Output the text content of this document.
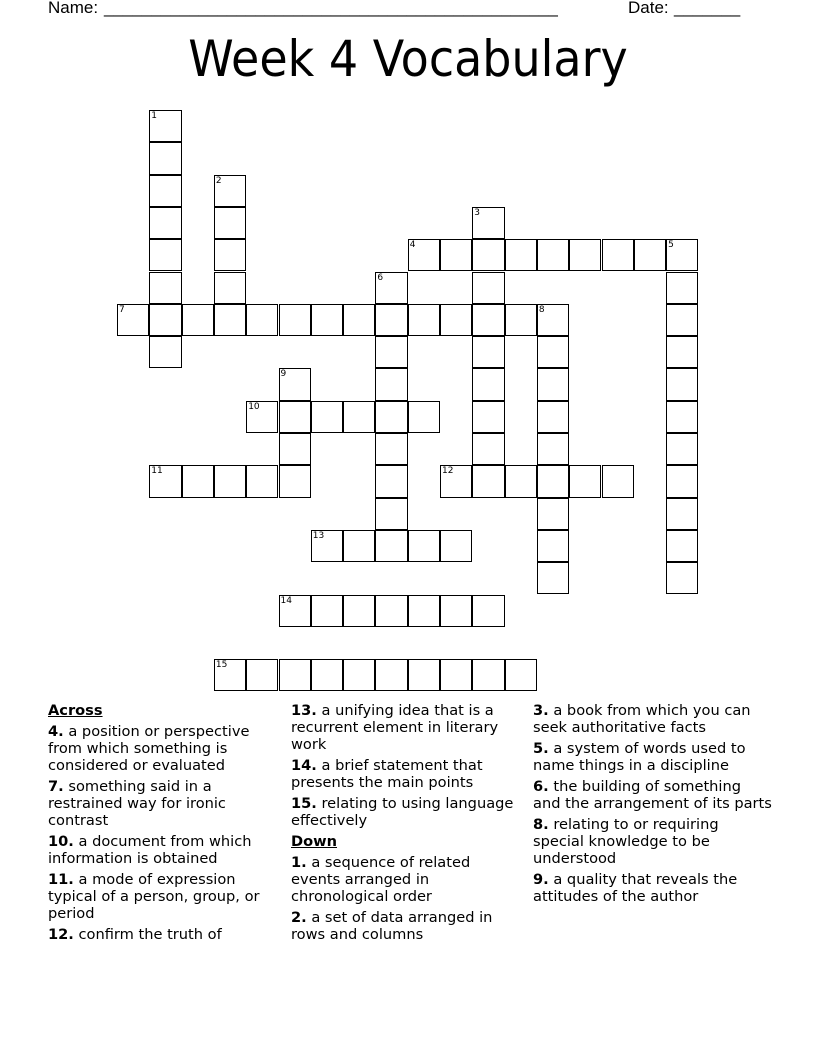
Name: ________________________________________________	Date: _______
Week 4 Vocabulary
1
2
3
4	5
6
7	8
9
10
11	12
13
14
15
Across
4. a position or perspective from which something is considered or evaluated
7. something said in a restrained way for ironic contrast
10. a document from which information is obtained
11. a mode of expression typical of a person, group, or period
12. confirm the truth of
13. a unifying idea that is a recurrent element in literary work
14. a brief statement that presents the main points
15. relating to using language effectively
Down
1. a sequence of related events arranged in chronological order
2. a set of data arranged in rows and columns
3. a book from which you can seek authoritative facts
5. a system of words used to name things in a discipline
6. the building of something and the arrangement of its parts
8. relating to or requiring special knowledge to be understood
9. a quality that reveals the attitudes of the author
